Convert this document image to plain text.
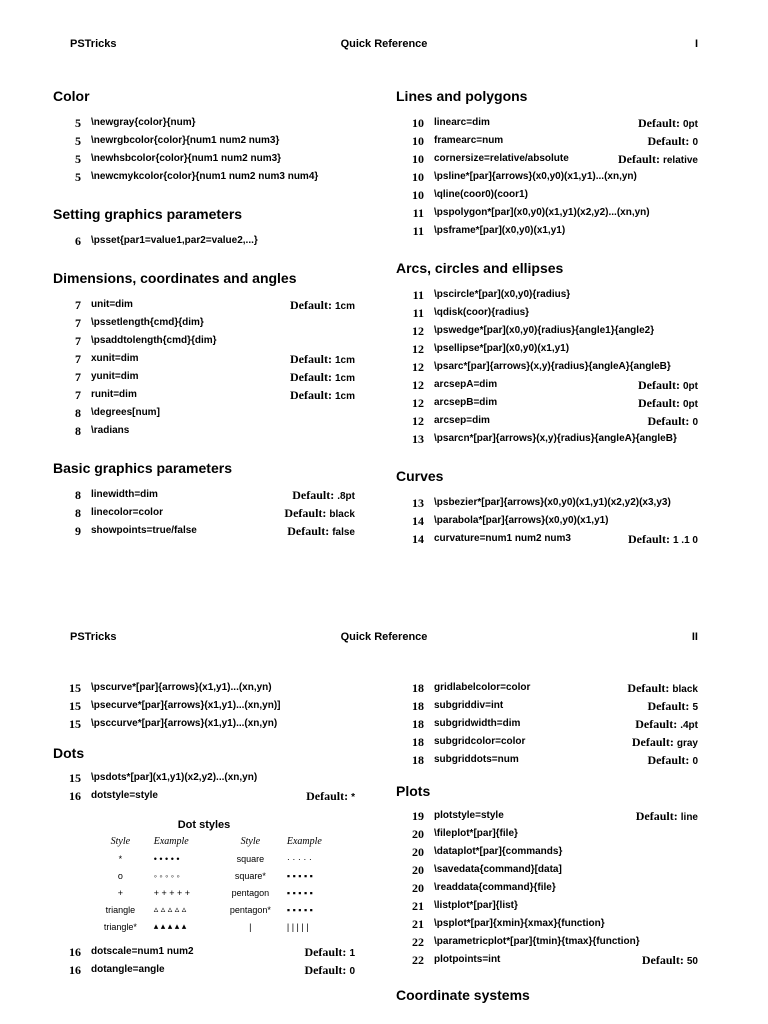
PSTricks	Quick Reference	I
Color
5 \newgray{color}{num}
5 \newrgbcolor{color}{num1 num2 num3}
5 \newhsbcolor{color}{num1 num2 num3}
5 \newcmykcolor{color}{num1 num2 num3 num4}
Setting graphics parameters
6 \psset{par1=value1,par2=value2,...}
Dimensions, coordinates and angles
7 unit=dim	Default: 1cm
7 \pssetlength{cmd}{dim}
7 \psaddtolength{cmd}{dim}
7 xunit=dim	Default: 1cm
7 yunit=dim	Default: 1cm
7 runit=dim	Default: 1cm
8 \degrees[num]
8 \radians
Basic graphics parameters
8 linewidth=dim	Default: .8pt
8 linecolor=color	Default: black
9 showpoints=true/false	Default: false
Lines and polygons
10 linearc=dim	Default: 0pt
10 framearc=num	Default: 0
10 cornersize=relative/absolute	Default: relative
10 \psline*[par]{arrows}(x0,y0)(x1,y1)...(xn,yn)
10 \qline(coor0)(coor1)
11 \pspolygon*[par](x0,y0)(x1,y1)(x2,y2)...(xn,yn)
11 \psframe*[par](x0,y0)(x1,y1)
Arcs, circles and ellipses
11 \pscircle*[par](x0,y0){radius}
11 \qdisk(coor){radius}
12 \pswedge*[par](x0,y0){radius}{angle1}{angle2}
12 \psellipse*[par](x0,y0)(x1,y1)
12 \psarc*[par]{arrows}(x,y){radius}{angleA}{angleB}
12 arcsepA=dim	Default: 0pt
12 arcsepB=dim	Default: 0pt
12 arcsep=dim	Default: 0
13 \psarcn*[par]{arrows}(x,y){radius}{angleA}{angleB}
Curves
13 \psbezier*[par]{arrows}(x0,y0)(x1,y1)(x2,y2)(x3,y3)
14 \parabola*[par]{arrows}(x0,y0)(x1,y1)
14 curvature=num1 num2 num3	Default: 1 .1 0
PSTricks	Quick Reference	II
15 \pscurve*[par]{arrows}(x1,y1)...(xn,yn)
15 \psecurve*[par]{arrows}(x1,y1)...(xn,yn)]
15 \psccurve*[par]{arrows}(x1,y1)...(xn,yn)
Dots
15 \psdots*[par](x1,y1)(x2,y2)...(xn,yn)
16 dotstyle=style	Default: *
Dot styles
Style	Example	Style	Example
*	• • • • •	square	· · · · ·
o	◦ ◦ ◦ ◦ ◦	square*	▪ ▪ ▪ ▪ ▪
+	+ + + + +	pentagon	▪ ▪ ▪ ▪ ▪
triangle	▵ ▵ ▵ ▵ ▵	pentagon*	▪ ▪ ▪ ▪ ▪
triangle*	▴ ▴ ▴ ▴ ▴	|	| | | | |
16 dotscale=num1 num2	Default: 1
16 dotangle=angle	Default: 0
18 gridlabelcolor=color	Default: black
18 subgriddiv=int	Default: 5
18 subgridwidth=dim	Default: .4pt
18 subgridcolor=color	Default: gray
18 subgriddots=num	Default: 0
Plots
19 plotstyle=style	Default: line
20 \fileplot*[par]{file}
20 \dataplot*[par]{commands}
20 \savedata{command}[data]
20 \readdata{command}{file}
21 \listplot*[par]{list}
21 \psplot*[par]{xmin}{xmax}{function}
22 \parametricplot*[par]{tmin}{tmax}{function}
22 plotpoints=int	Default: 50
Coordinate systems
